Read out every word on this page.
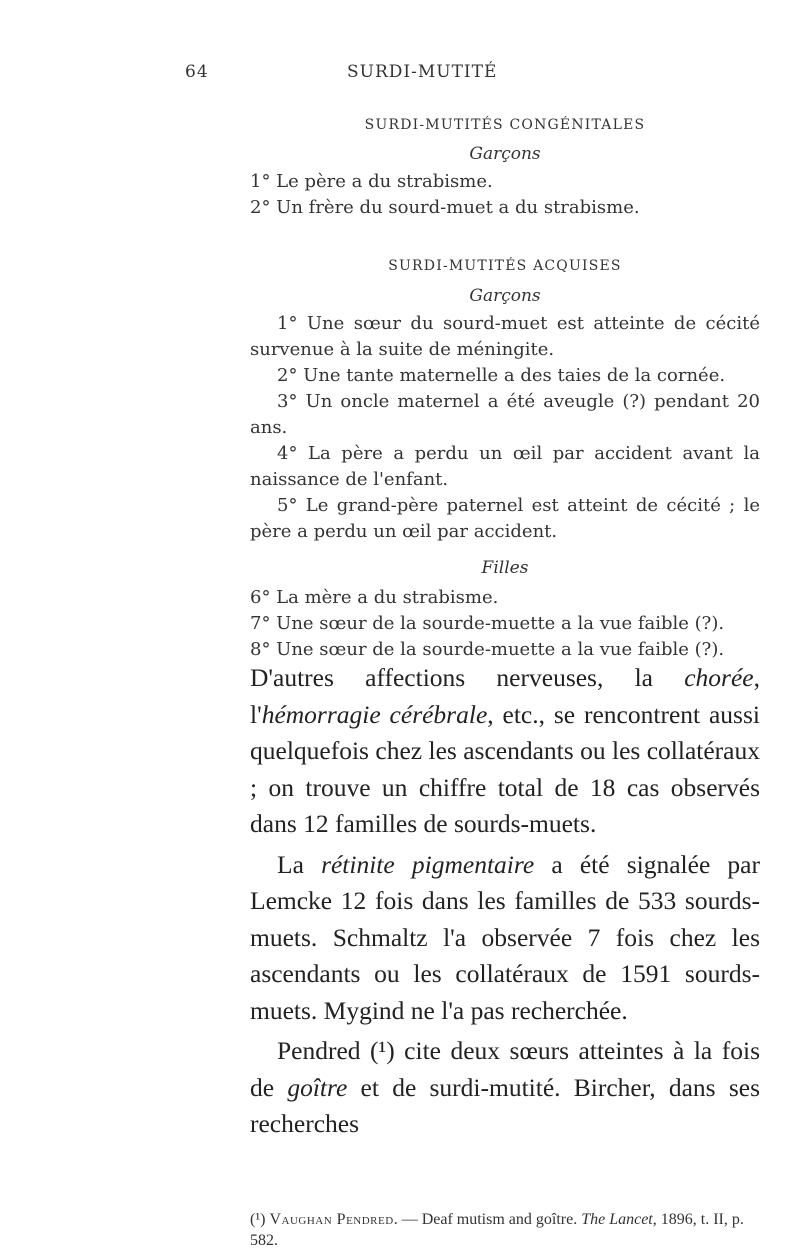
64	SURDI-MUTITÉ

SURDI-MUTITÉS CONGÉNITALES

Garçons

1° Le père a du strabisme.

2° Un frère du sourd-muet a du strabisme.

SURDI-MUTITÉS ACQUISES

Garçons

1° Une sœur du sourd-muet est atteinte de cécité survenue à la suite de méningite.

2° Une tante maternelle a des taies de la cornée.

3° Un oncle maternel a été aveugle (?) pendant 20 ans.

4° La père a perdu un œil par accident avant la naissance de l'enfant.

5° Le grand-père paternel est atteint de cécité ; le père a perdu un œil par accident.

Filles

6° La mère a du strabisme.

7° Une sœur de la sourde-muette a la vue faible (?).

8° Une sœur de la sourde-muette a la vue faible (?).

D'autres affections nerveuses, la chorée, l'hémorragie cérébrale, etc., se rencontrent aussi quelquefois chez les ascendants ou les collatéraux ; on trouve un chiffre total de 18 cas observés dans 12 familles de sourds-muets.

La rétinite pigmentaire a été signalée par Lemcke 12 fois dans les familles de 533 sourds-muets. Schmaltz l'a observée 7 fois chez les ascendants ou les collatéraux de 1591 sourds-muets. Mygind ne l'a pas recherchée.

Pendred (¹) cite deux sœurs atteintes à la fois de goître et de surdi-mutité. Bircher, dans ses recherches

(¹) Vaughan Pendred. — Deaf mutism and goître. The Lancet, 1896, t. II, p. 582.
